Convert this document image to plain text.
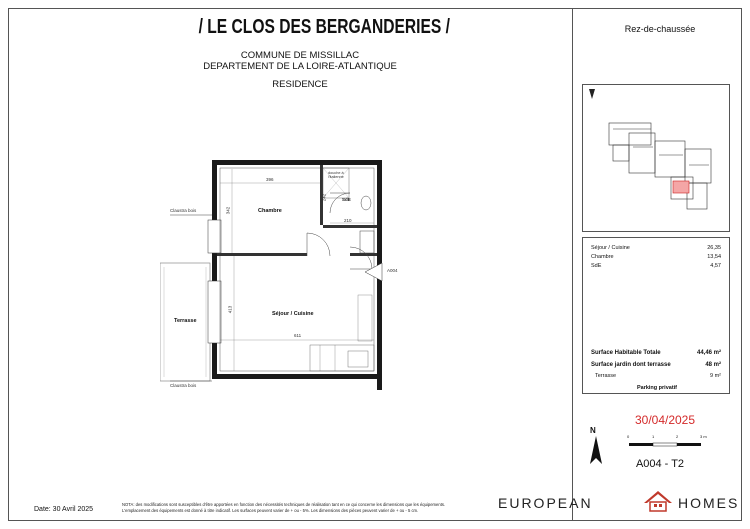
/ LE CLOS DES BERGANDERIES /
COMMUNE DE MISSILLAC
DEPARTEMENT DE LA LOIRE-ATLANTIQUE
RESIDENCE
Rez-de-chaussée
Chambre
SdE
Séjour / Cuisine
Terrasse
Claustra bois
Claustra bois
douche à l'italienne
A004
396
342
242
210
413
611
Séjour / Cuisine	26,35
Chambre	13,54
SdE	4,57
Surface Habitable Totale	44,46 m²
Surface jardin dont terrasse	48 m²
Terrasse	9 m²
Parking privatif
30/04/2025
N
0	1	2	3 m
A004 - T2
Date: 30 Avril 2025
NOTA: des modifications sont susceptibles d'être apportées en fonction des nécessités techniques de réalisation tant en ce qui concerne les dimensions que les équipements.
L'emplacement des équipements est donné à titre indicatif. Les surfaces peuvent varier de + ou - 5%. Les dimensions des pièces peuvent varier de + ou - 5 cm.	EUROPEAN	HOMES
